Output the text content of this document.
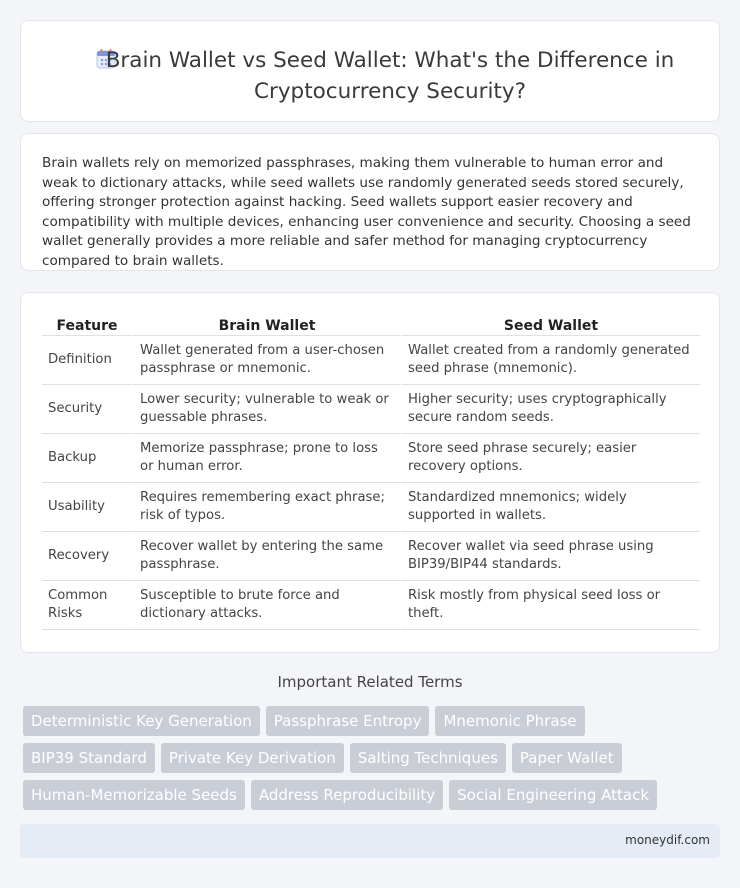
Brain Wallet vs Seed Wallet: What's the Difference in Cryptocurrency Security?

Brain wallets rely on memorized passphrases, making them vulnerable to human error and weak to dictionary attacks, while seed wallets use randomly generated seeds stored securely, offering stronger protection against hacking. Seed wallets support easier recovery and compatibility with multiple devices, enhancing user convenience and security. Choosing a seed wallet generally provides a more reliable and safer method for managing cryptocurrency compared to brain wallets.

Feature	Brain Wallet	Seed Wallet
Definition	Wallet generated from a user-chosen passphrase or mnemonic.	Wallet created from a randomly generated seed phrase (mnemonic).
Security	Lower security; vulnerable to weak or guessable phrases.	Higher security; uses cryptographically secure random seeds.
Backup	Memorize passphrase; prone to loss or human error.	Store seed phrase securely; easier recovery options.
Usability	Requires remembering exact phrase; risk of typos.	Standardized mnemonics; widely supported in wallets.
Recovery	Recover wallet by entering the same passphrase.	Recover wallet via seed phrase using BIP39/BIP44 standards.
Common Risks	Susceptible to brute force and dictionary attacks.	Risk mostly from physical seed loss or theft.
Important Related Terms
Deterministic Key Generation	Passphrase Entropy	Mnemonic Phrase
BIP39 Standard	Private Key Derivation	Salting Techniques	Paper Wallet
Human-Memorizable Seeds	Address Reproducibility	Social Engineering Attack
moneydif.com
